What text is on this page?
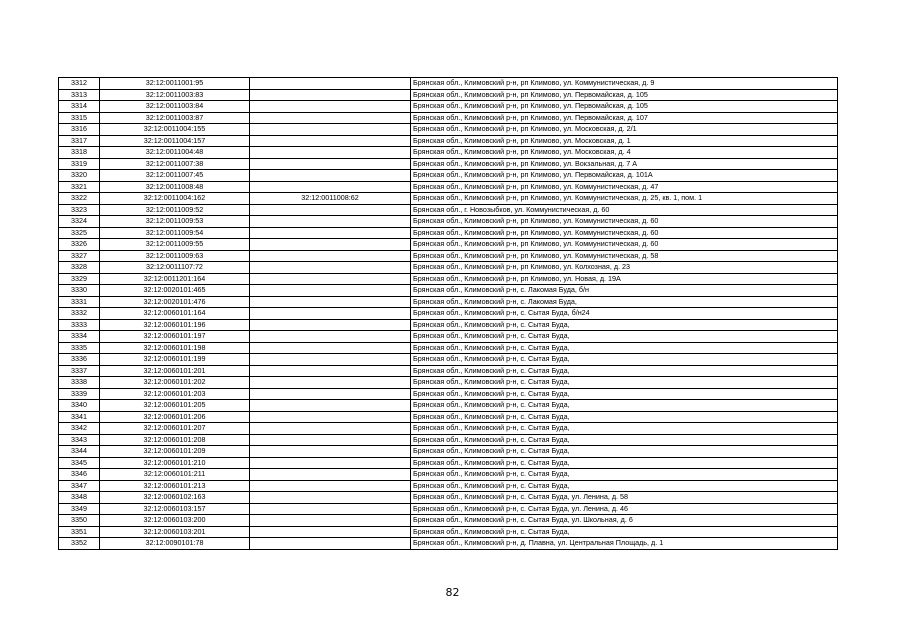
3312	32:12:0011001:95		Брянская обл., Климовский р-н, рп Климово, ул. Коммунистическая, д. 9
3313	32:12:0011003:83		Брянская обл., Климовский р-н, рп Климово, ул. Первомайская, д. 105
3314	32:12:0011003:84		Брянская обл., Климовский р-н, рп Климово, ул. Первомайская, д. 105
3315	32:12:0011003:87		Брянская обл., Климовский р-н, рп Климово, ул. Первомайская, д. 107
3316	32:12:0011004:155		Брянская обл., Климовский р-н, рп Климово, ул. Московская, д. 2/1
3317	32:12:0011004:157		Брянская обл., Климовский р-н, рп Климово, ул. Московская, д. 1
3318	32:12:0011004:48		Брянская обл., Климовский р-н, рп Климово, ул. Московская, д. 4
3319	32:12:0011007:38		Брянская обл., Климовский р-н, рп Климово, ул. Вокзальная, д. 7 А
3320	32:12:0011007:45		Брянская обл., Климовский р-н, рп Климово, ул. Первомайская, д. 101А
3321	32:12:0011008:48		Брянская обл., Климовский р-н, рп Климово, ул. Коммунистическая, д. 47
3322	32:12:0011004:162	32:12:0011008:62	Брянская обл., Климовский р-н, рп Климово, ул. Коммунистическая, д. 25, кв. 1, пом. 1
3323	32:12:0011009:52		Брянская обл., г. Новозыбков, ул. Коммунистическая, д. 60
3324	32:12:0011009:53		Брянская обл., Климовский р-н, рп Климово, ул. Коммунистическая, д. 60
3325	32:12:0011009:54		Брянская обл., Климовский р-н, рп Климово, ул. Коммунистическая, д. 60
3326	32:12:0011009:55		Брянская обл., Климовский р-н, рп Климово, ул. Коммунистическая, д. 60
3327	32:12:0011009:63		Брянская обл., Климовский р-н, рп Климово, ул. Коммунистическая, д. 58
3328	32:12:0011107:72		Брянская обл., Климовский р-н, рп Климово, ул. Колхозная, д. 23
3329	32:12:0011201:164		Брянская обл., Климовский р-н, рп Климово, ул. Новая, д. 19А
3330	32:12:0020101:465		Брянская обл., Климовский р-н, с. Лакомая Буда, б/н
3331	32:12:0020101:476		Брянская обл., Климовский р-н, с. Лакомая Буда,
3332	32:12:0060101:164		Брянская обл., Климовский р-н, с. Сытая Буда, б/н24
3333	32:12:0060101:196		Брянская обл., Климовский р-н, с. Сытая Буда,
3334	32:12:0060101:197		Брянская обл., Климовский р-н, с. Сытая Буда,
3335	32:12:0060101:198		Брянская обл., Климовский р-н, с. Сытая Буда,
3336	32:12:0060101:199		Брянская обл., Климовский р-н, с. Сытая Буда,
3337	32:12:0060101:201		Брянская обл., Климовский р-н, с. Сытая Буда,
3338	32:12:0060101:202		Брянская обл., Климовский р-н, с. Сытая Буда,
3339	32:12:0060101:203		Брянская обл., Климовский р-н, с. Сытая Буда,
3340	32:12:0060101:205		Брянская обл., Климовский р-н, с. Сытая Буда,
3341	32:12:0060101:206		Брянская обл., Климовский р-н, с. Сытая Буда,
3342	32:12:0060101:207		Брянская обл., Климовский р-н, с. Сытая Буда,
3343	32:12:0060101:208		Брянская обл., Климовский р-н, с. Сытая Буда,
3344	32:12:0060101:209		Брянская обл., Климовский р-н, с. Сытая Буда,
3345	32:12:0060101:210		Брянская обл., Климовский р-н, с. Сытая Буда,
3346	32:12:0060101:211		Брянская обл., Климовский р-н, с. Сытая Буда,
3347	32:12:0060101:213		Брянская обл., Климовский р-н, с. Сытая Буда,
3348	32:12:0060102:163		Брянская обл., Климовский р-н, с. Сытая Буда, ул. Ленина, д. 58
3349	32:12:0060103:157		Брянская обл., Климовский р-н, с. Сытая Буда, ул. Ленина, д. 46
3350	32:12:0060103:200		Брянская обл., Климовский р-н, с. Сытая Буда, ул. Школьная, д. 6
3351	32:12:0060103:201		Брянская обл., Климовский р-н, с. Сытая Буда,
3352	32:12:0090101:78		Брянская обл., Климовский р-н, д. Плавна, ул. Центральная Площадь, д. 1
82
